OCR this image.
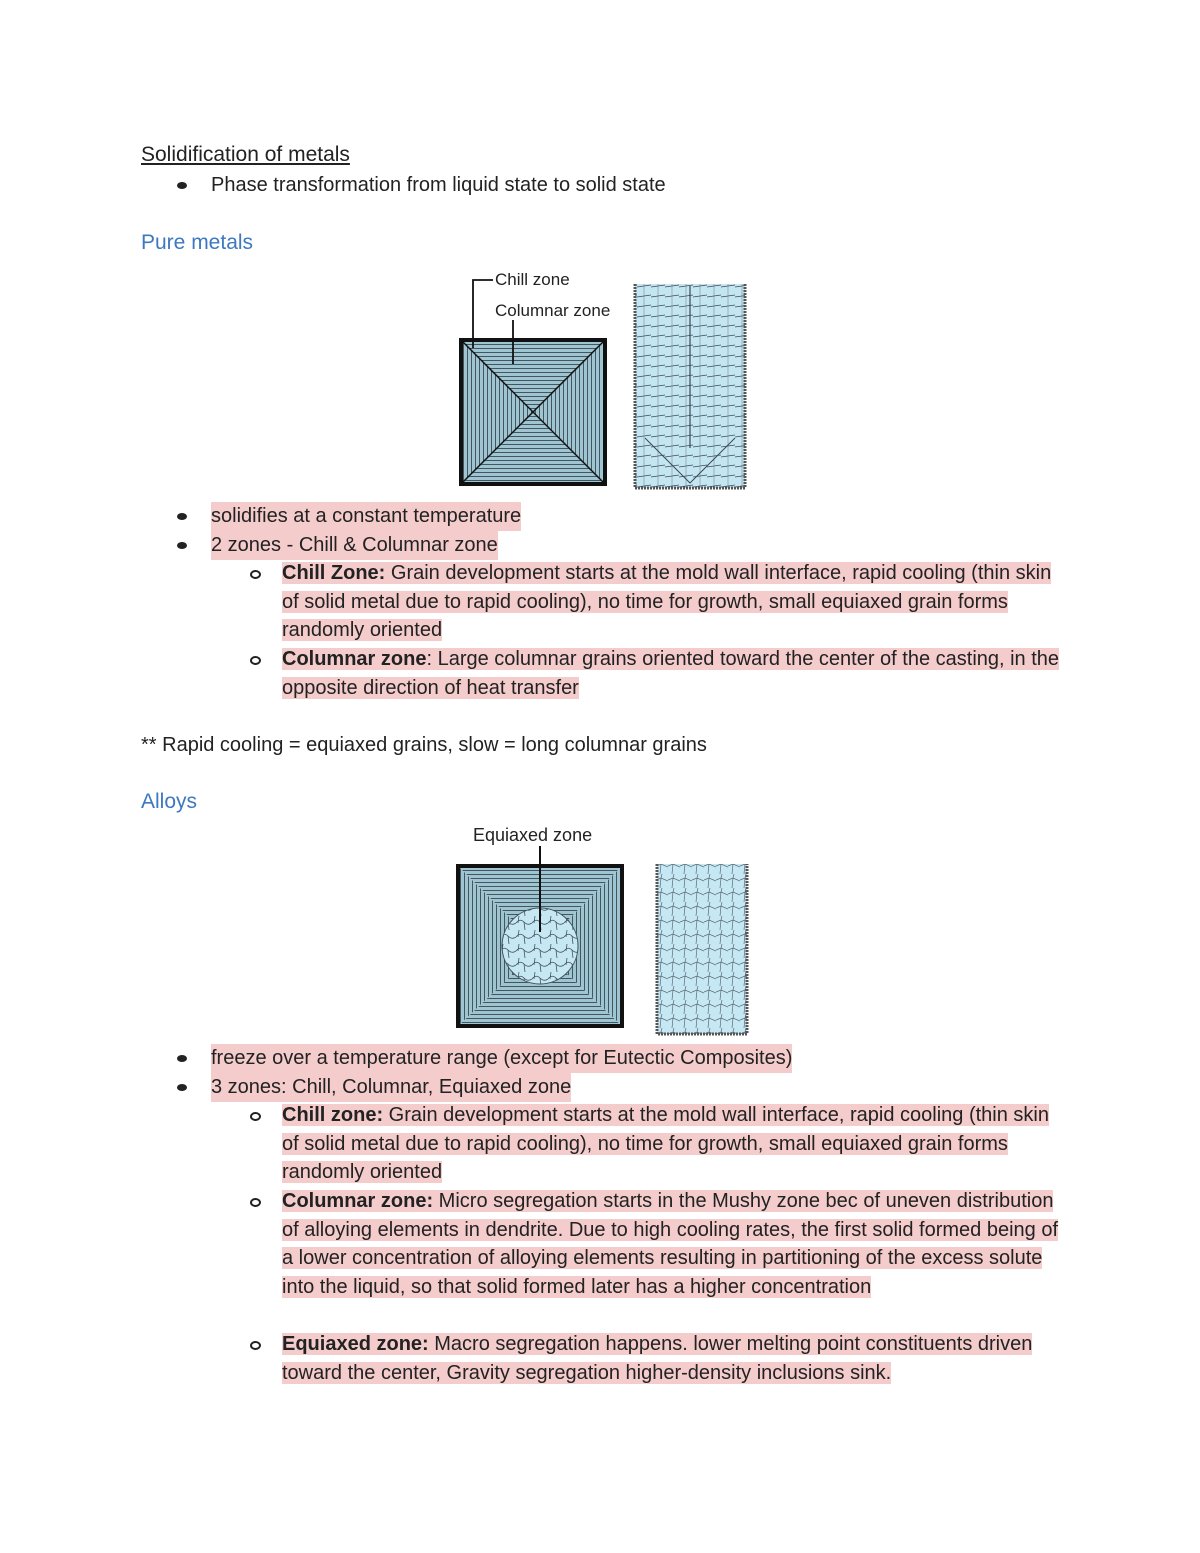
Solidification of metals
Phase transformation from liquid state to solid state
Pure metals
Chill zone
Columnar zone
solidifies at a constant temperature
2 zones - Chill & Columnar zone
Chill Zone: Grain development starts at the mold wall interface, rapid cooling (thin skin of solid metal due to rapid cooling), no time for growth, small equiaxed grain forms randomly oriented
Columnar zone: Large columnar grains oriented toward the center of the casting, in the opposite direction of heat transfer
** Rapid cooling = equiaxed grains, slow = long columnar grains
Alloys
Equiaxed zone
freeze over a temperature range (except for Eutectic Composites)
3 zones: Chill, Columnar, Equiaxed zone
Chill zone: Grain development starts at the mold wall interface, rapid cooling (thin skin of solid metal due to rapid cooling), no time for growth, small equiaxed grain forms randomly oriented
Columnar zone: Micro segregation starts in the Mushy zone bec of uneven distribution of alloying elements in dendrite. Due to high cooling rates, the first solid formed being of a lower concentration of alloying elements resulting in partitioning of the excess solute into the liquid, so that solid formed later has a higher concentration
Equiaxed zone: Macro segregation happens. lower melting point constituents driven toward the center, Gravity segregation higher-density inclusions sink.
